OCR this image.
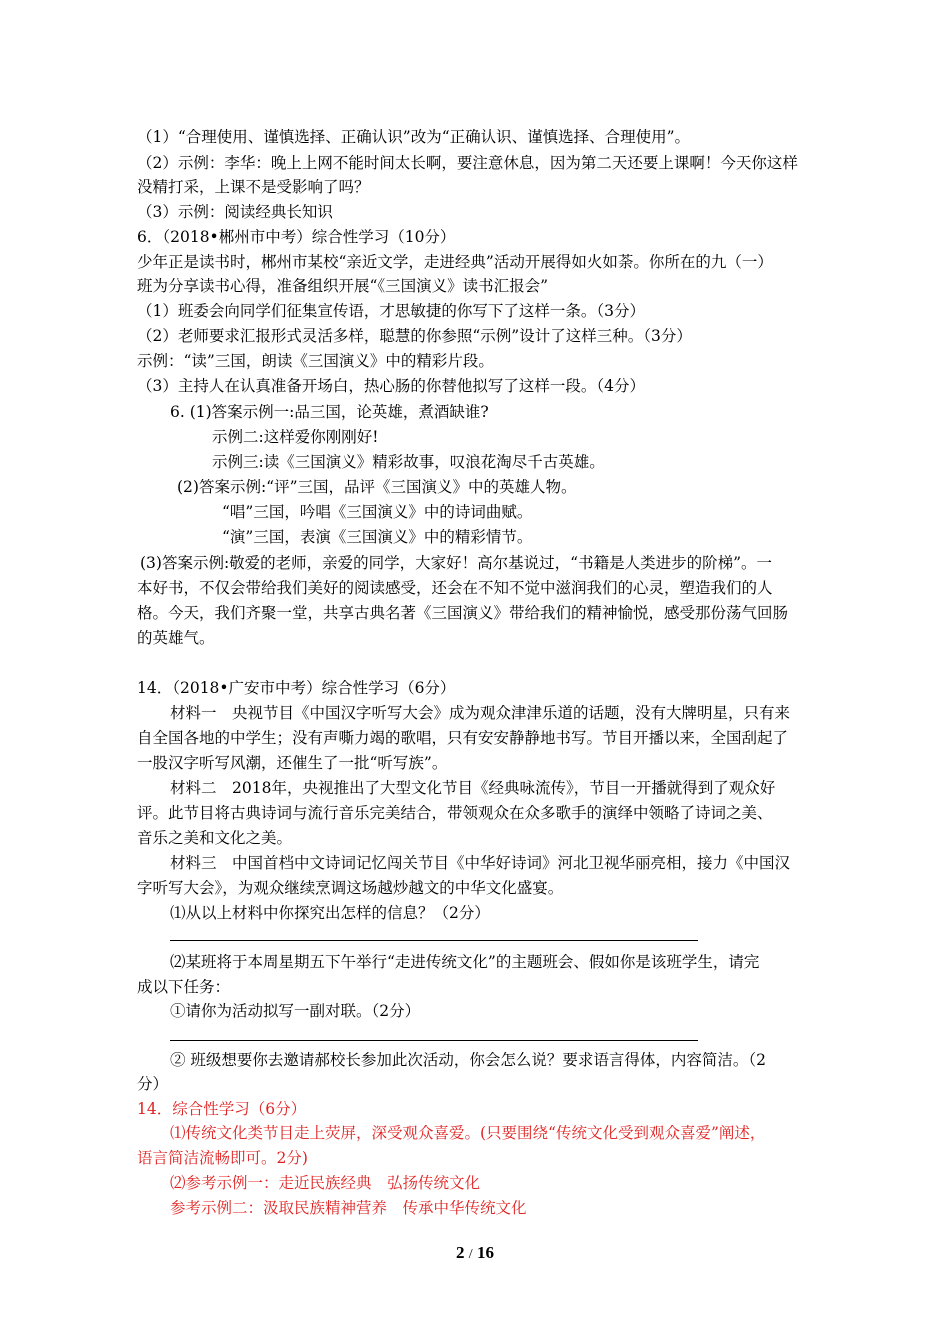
（1）“合理使用、谨慎选择、正确认识”改为“正确认识、谨慎选择、合理使用”。
（2）示例：李华：晚上上网不能时间太长啊，要注意休息，因为第二天还要上课啊！今天你这样
没精打采，上课不是受影响了吗？
（3）示例：阅读经典长知识
6．（2018•郴州市中考）综合性学习（10分）
少年正是读书时，郴州市某校“亲近文学，走进经典”活动开展得如火如荼。你所在的九（一）
班为分享读书心得，准备组织开展“《三国演义》读书汇报会”
（1）班委会向同学们征集宣传语，才思敏捷的你写下了这样一条。（3分）
（2）老师要求汇报形式灵活多样，聪慧的你参照“示例”设计了这样三种。（3分）
示例：“读”三国，朗读《三国演义》中的精彩片段。
（3）主持人在认真准备开场白，热心肠的你替他拟写了这样一段。（4分）
6. (1)答案示例一:品三国，论英雄，煮酒缺谁?
示例二:这样爱你刚刚好!
示例三:读《三国演义》精彩故事，叹浪花淘尽千古英雄。
(2)答案示例:“评”三国，品评《三国演义》中的英雄人物。
“唱”三国，吟唱《三国演义》中的诗词曲赋。
“演”三国，表演《三国演义》中的精彩情节。
(3)答案示例:敬爱的老师，亲爱的同学，大家好！高尔基说过，“书籍是人类进步的阶梯”。一
本好书，不仅会带给我们美好的阅读感受，还会在不知不觉中滋润我们的心灵，塑造我们的人
格。今天，我们齐聚一堂，共享古典名著《三国演义》带给我们的精神愉悦，感受那份荡气回肠
的英雄气。
14．（2018•广安市中考）综合性学习（6分）
材料一　央视节目《中国汉字听写大会》成为观众津津乐道的话题，没有大牌明星，只有来
自全国各地的中学生；没有声嘶力竭的歌唱，只有安安静静地书写。节目开播以来，全国刮起了
一股汉字听写风潮，还催生了一批“听写族”。
材料二　2018年，央视推出了大型文化节目《经典咏流传》，节目一开播就得到了观众好
评。此节目将古典诗词与流行音乐完美结合，带领观众在众多歌手的演绎中领略了诗词之美、
音乐之美和文化之美。
材料三　中国首档中文诗词记忆闯关节目《中华好诗词》河北卫视华丽亮相，接力《中国汉
字听写大会》，为观众继续烹调这场越炒越文的中华文化盛宴。
⑴从以上材料中你探究出怎样的信息？（2分）
⑵某班将于本周星期五下午举行“走进传统文化”的主题班会、假如你是该班学生，请完
成以下任务：
①请你为活动拟写一副对联。（2分）
② 班级想要你去邀请郝校长参加此次活动，你会怎么说？要求语言得体，内容简洁。（2
分）
14．综合性学习（6分）
⑴传统文化类节目走上荧屏，深受观众喜爱。(只要围绕“传统文化受到观众喜爱”阐述，
语言简洁流畅即可。2分)
⑵参考示例一：走近民族经典　弘扬传统文化
参考示例二：汲取民族精神营养　传承中华传统文化
2 / 16
